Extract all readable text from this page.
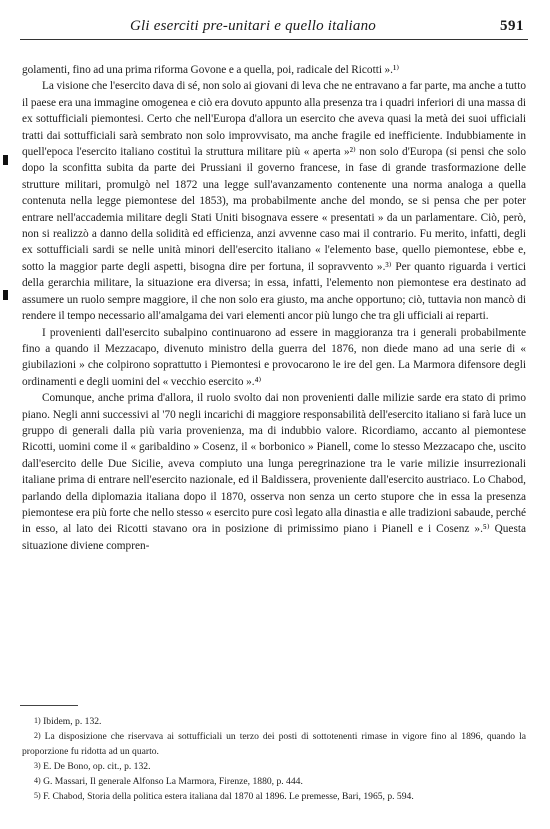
Gli eserciti pre-unitari e quello italiano	591

golamenti, fino ad una prima riforma Govone e a quella, poi, radicale del Ricotti ».¹⁾

La visione che l'esercito dava di sé, non solo ai giovani di leva che ne entravano a far parte, ma anche a tutto il paese era una immagine omogenea e ciò era dovuto appunto alla presenza tra i quadri inferiori di una massa di ex sottufficiali piemontesi. Certo che nell'Europa d'allora un esercito che aveva quasi la metà dei suoi ufficiali tratti dai sottufficiali sarà sembrato non solo improvvisato, ma anche fragile ed inefficiente. Indubbiamente in quell'epoca l'esercito italiano costituì la struttura militare più « aperta »²⁾ non solo d'Europa (si pensi che solo dopo la sconfitta subita da parte dei Prussiani il governo francese, in fase di grande trasformazione delle strutture militari, promulgò nel 1872 una legge sull'avanzamento contenente una norma analoga a quella contenuta nella legge piemontese del 1853), ma probabilmente anche del mondo, se si pensa che per poter entrare nell'accademia militare degli Stati Uniti bisognava essere « presentati » da un parlamentare. Ciò, però, non si realizzò a danno della solidità ed efficienza, anzi avvenne caso mai il contrario. Fu merito, infatti, degli ex sottufficiali sardi se nelle unità minori dell'esercito italiano « l'elemento base, quello piemontese, ebbe e, sotto la maggior parte degli aspetti, bisogna dire per fortuna, il sopravvento ».³⁾ Per quanto riguarda i vertici della gerarchia militare, la situazione era diversa; in essa, infatti, l'elemento non piemontese era destinato ad assumere un ruolo sempre maggiore, il che non solo era giusto, ma anche opportuno; ciò, tuttavia non mancò di rendere il tempo necessario all'amalgama dei vari elementi ancor più lungo che tra gli ufficiali ai reparti.

I provenienti dall'esercito subalpino continuarono ad essere in maggioranza tra i generali probabilmente fino a quando il Mezzacapo, divenuto ministro della guerra del 1876, non diede mano ad una serie di « giubilazioni » che colpirono soprattutto i Piemontesi e provocarono le ire del gen. La Marmora difensore degli ordinamenti e degli uomini del « vecchio esercito ».⁴⁾

Comunque, anche prima d'allora, il ruolo svolto dai non provenienti dalle milizie sarde era stato di primo piano. Negli anni successivi al '70 negli incarichi di maggiore responsabilità dell'esercito italiano si farà luce un gruppo di generali dalla più varia provenienza, ma di indubbio valore. Ricordiamo, accanto al piemontese Ricotti, uomini come il « garibaldino » Cosenz, il « borbonico » Pianell, come lo stesso Mezzacapo che, uscito dall'esercito delle Due Sicilie, aveva compiuto una lunga peregrinazione tra le varie milizie insurrezionali italiane prima di entrare nell'esercito nazionale, ed il Baldissera, proveniente dall'esercito austriaco. Lo Chabod, parlando della diplomazia italiana dopo il 1870, osserva non senza un certo stupore che in essa la presenza piemontese era più forte che nello stesso « esercito pure così legato alla dinastia e alle tradizioni sabaude, perché in esso, al lato dei Ricotti stavano ora in posizione di primissimo piano i Pianell e i Cosenz ».⁵⁾ Questa situazione diviene compren-

1) Ibidem, p. 132.

2) La disposizione che riservava ai sottufficiali un terzo dei posti di sottotenenti rimase in vigore fino al 1896, quando la proporzione fu ridotta ad un quarto.

3) E. De Bono, op. cit., p. 132.

4) G. Massari, Il generale Alfonso La Marmora, Firenze, 1880, p. 444.

5) F. Chabod, Storia della politica estera italiana dal 1870 al 1896. Le premesse, Bari, 1965, p. 594.
